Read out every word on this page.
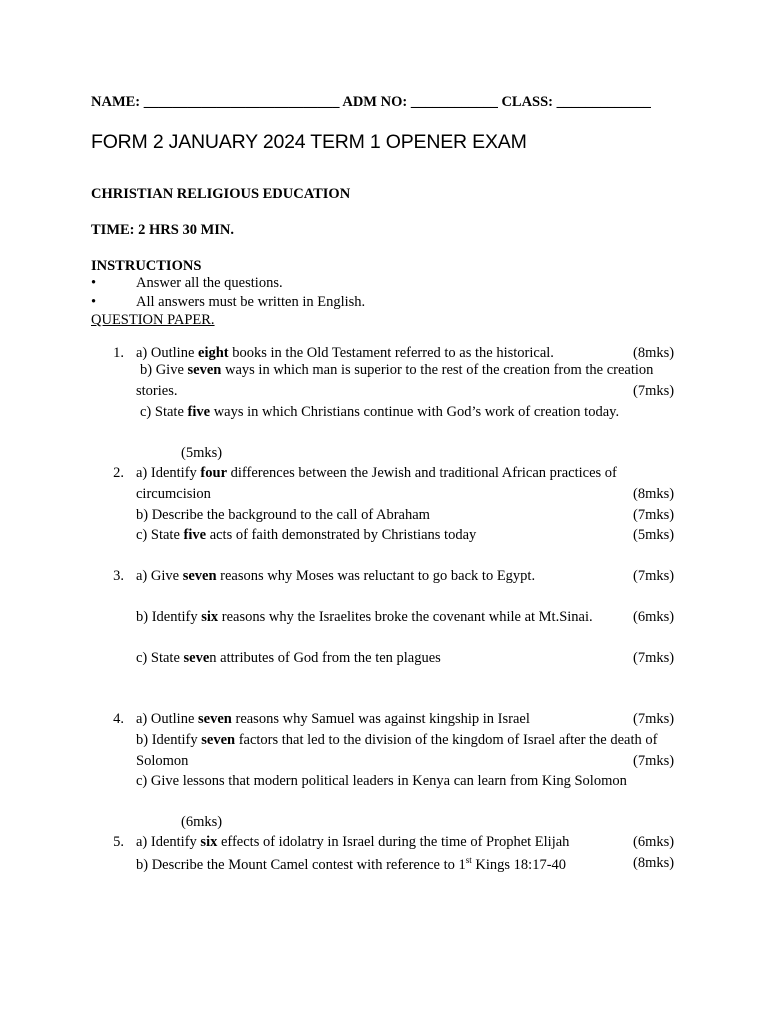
NAME: ___________________________ ADM NO: ____________ CLASS: _____________
FORM 2 JANUARY 2024 TERM 1 OPENER EXAM
CHRISTIAN RELIGIOUS EDUCATION
TIME: 2 HRS 30 MIN.
INSTRUCTIONS
•	Answer all the questions.
•	All answers must be written in English.
QUESTION PAPER.
1. a) Outline eight books in the Old Testament referred to as the historical.	(8mks)
b) Give seven ways in which man is superior to the rest of the creation from the creation
stories.	(7mks)
c) State five ways in which Christians continue with God’s work of creation today.
(5mks)
2. a) Identify four differences between the Jewish and traditional African practices of
circumcision	(8mks)
b) Describe the background to the call of Abraham	(7mks)
c) State five acts of faith demonstrated by Christians today	(5mks)
3. a) Give seven reasons why Moses was reluctant to go back to Egypt.	(7mks)
b) Identify six reasons why the Israelites broke the covenant while at Mt.Sinai.	(6mks)
c) State seven attributes of God from the ten plagues	(7mks)
4. a) Outline seven reasons why Samuel was against kingship in Israel	(7mks)
b) Identify seven factors that led to the division of the kingdom of Israel after the death of
Solomon	(7mks)
c) Give lessons that modern political leaders in Kenya can learn from King Solomon
(6mks)
5. a) Identify six effects of idolatry in Israel during the time of Prophet Elijah	(6mks)
b) Describe the Mount Camel contest with reference to 1st Kings 18:17-40	(8mks)
